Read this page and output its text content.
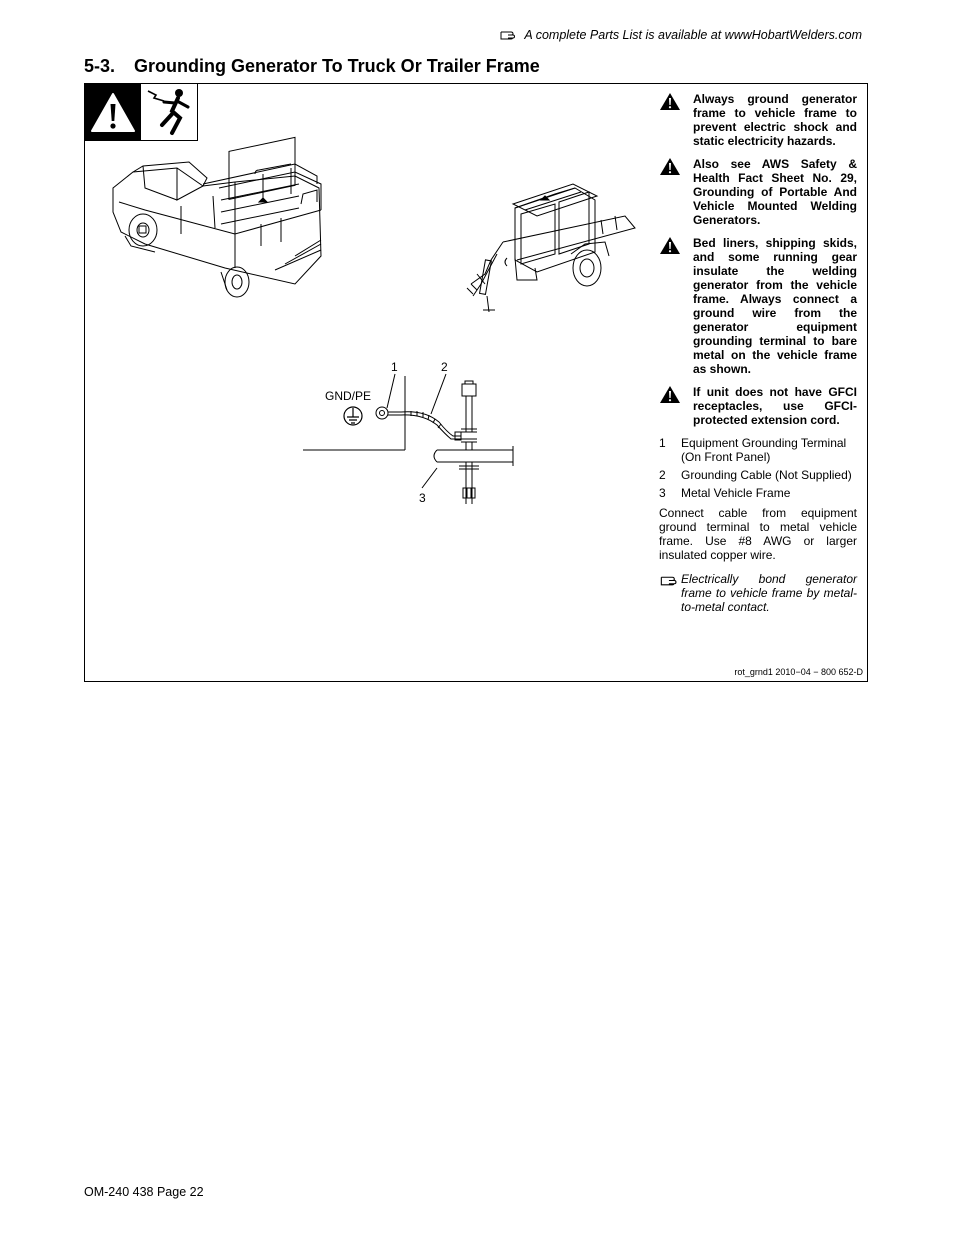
A complete Parts List is available at wwwHobartWelders.com
5-3. Grounding Generator To Truck Or Trailer Frame
1	2
GND/PE
3
Always ground generator frame to vehicle frame to prevent electric shock and static electricity hazards.
Also see AWS Safety & Health Fact Sheet No. 29, Grounding of Portable And Vehicle Mounted Welding Generators.
Bed liners, shipping skids, and some running gear insulate the welding generator from the vehicle frame. Always connect a ground wire from the generator equipment grounding terminal to bare metal on the vehicle frame as shown.
If unit does not have GFCI receptacles, use GFCI-protected extension cord.
1	Equipment Grounding Terminal (On Front Panel)
2	Grounding Cable (Not Supplied)
3	Metal Vehicle Frame

Connect cable from equipment ground terminal to metal vehicle frame. Use #8 AWG or larger insulated copper wire.

Electrically bond generator frame to vehicle frame by metal-to-metal contact.
rot_grnd1 2010−04 − 800 652-D
OM-240 438 Page 22
